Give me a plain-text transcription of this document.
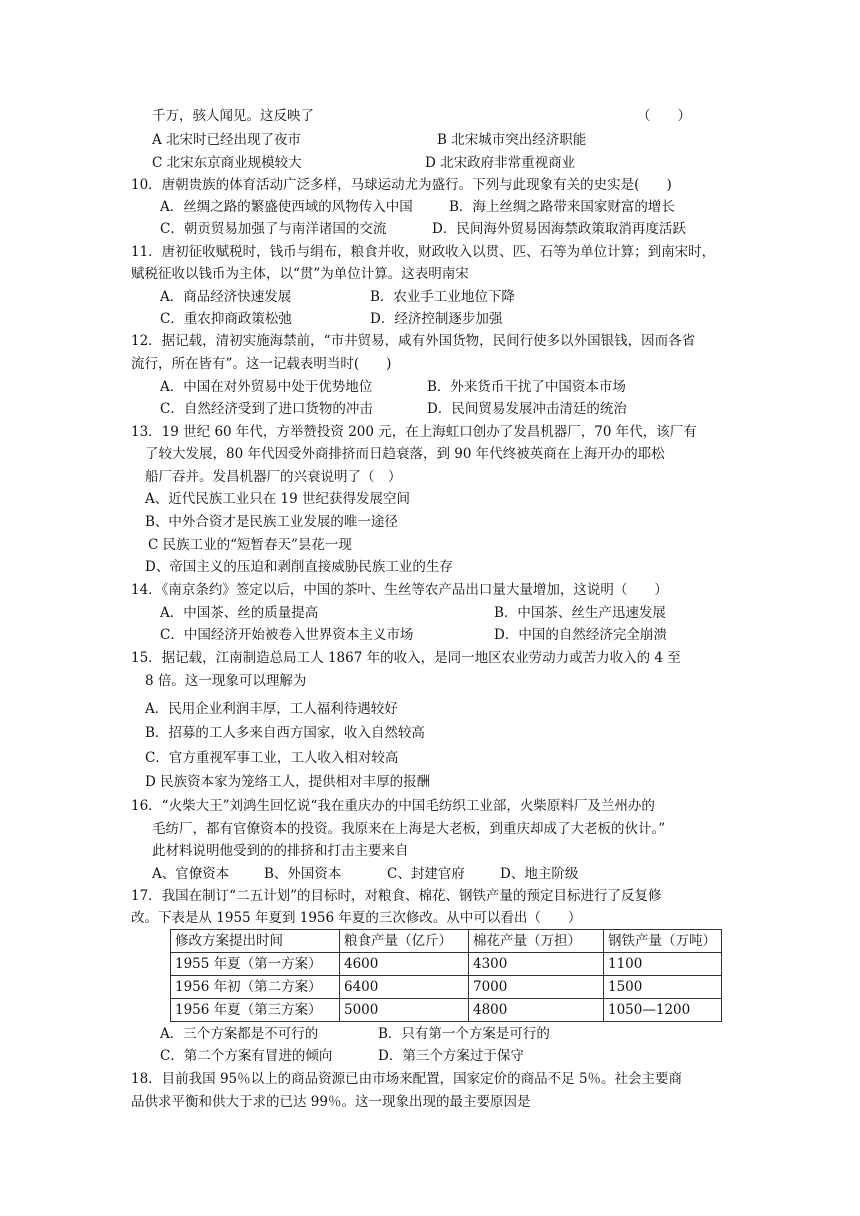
千万，骇人闻见。这反映了	（　　）
A 北宋时已经出现了夜市	B 北宋城市突出经济职能
C 北宋东京商业规模较大	D 北宋政府非常重视商业
10．唐朝贵族的体育活动广泛多样，马球运动尤为盛行。下列与此现象有关的史实是(　　)
A．丝绸之路的繁盛使西域的风物传入中国	B．海上丝绸之路带来国家财富的增长
C．朝贡贸易加强了与南洋诸国的交流	D．民间海外贸易因海禁政策取消再度活跃
11．唐初征收赋税时，钱币与绢布，粮食并收，财政收入以贯、匹、石等为单位计算；到南宋时，
赋税征收以钱币为主体，以“贯”为单位计算。这表明南宋
A．商品经济快速发展	B．农业手工业地位下降
C．重农抑商政策松弛	D．经济控制逐步加强
12．据记载，清初实施海禁前，“市井贸易，咸有外国货物，民间行使多以外国银钱，因而各省
流行，所在皆有”。这一记载表明当时(　　)
A．中国在对外贸易中处于优势地位	B．外来货币干扰了中国资本市场
C．自然经济受到了进口货物的冲击	D．民间贸易发展冲击清廷的统治
13．19 世纪 60 年代，方举赞投资 200 元，在上海虹口创办了发昌机器厂，70 年代，该厂有
了较大发展，80 年代因受外商排挤而日趋衰落，到 90 年代终被英商在上海开办的耶松
船厂吞并。发昌机器厂的兴衰说明了（　）
A、近代民族工业只在 19 世纪获得发展空间
B、中外合资才是民族工业发展的唯一途径
C 民族工业的“短暂春天”昙花一现
D、帝国主义的压迫和剥削直接威胁民族工业的生存
14．《南京条约》签定以后，中国的茶叶、生丝等农产品出口量大量增加，这说明（　　）
A．中国茶、丝的质量提高	B．中国茶、丝生产迅速发展
C．中国经济开始被卷入世界资本主义市场	D．中国的自然经济完全崩溃
15．据记载，江南制造总局工人 1867 年的收入，是同一地区农业劳动力或苦力收入的 4 至
8 倍。这一现象可以理解为
A．民用企业利润丰厚，工人福利待遇较好
B．招募的工人多来自西方国家，收入自然较高
C．官方重视军事工业，工人收入相对较高
D 民族资本家为笼络工人，提供相对丰厚的报酬
16．“火柴大王”刘鸿生回忆说“我在重庆办的中国毛纺织工业部，火柴原料厂及兰州办的
毛纺厂，都有官僚资本的投资。我原来在上海是大老板，到重庆却成了大老板的伙计。”
此材料说明他受到的的排挤和打击主要来自
A、官僚资本	B、外国资本	C、封建官府	D、地主阶级
17．我国在制订“二五计划”的目标时，对粮食、棉花、钢铁产量的预定目标进行了反复修
改。下表是从 1955 年夏到 1956 年夏的三次修改。从中可以看出（　　）
修改方案提出时间	粮食产量（亿斤）	棉花产量（万担）	钢铁产量（万吨）
1955 年夏（第一方案）	4600	4300	1100
1956 年初（第二方案）	6400	7000	1500
1956 年夏（第三方案）	5000	4800	1050—1200
A．三个方案都是不可行的	B．只有第一个方案是可行的
C．第二个方案有冒进的倾向	D．第三个方案过于保守
18．目前我国 95％以上的商品资源已由市场来配置，国家定价的商品不足 5％。社会主要商
品供求平衡和供大于求的已达 99％。这一现象出现的最主要原因是
